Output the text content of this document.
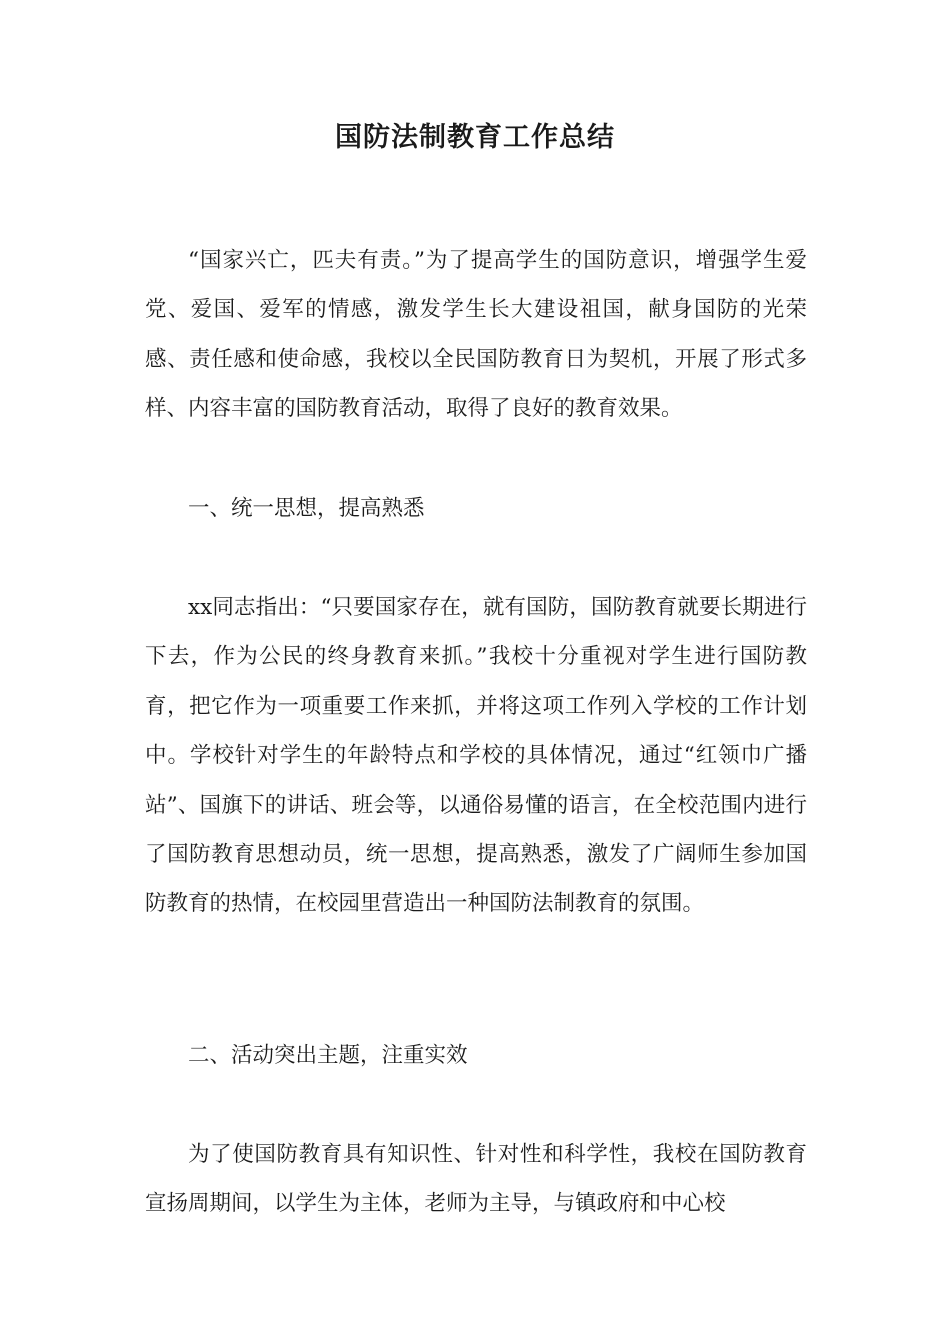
国防法制教育工作总结

“国家兴亡，匹夫有责。”为了提高学生的国防意识，增强学生爱党、爱国、爱军的情感，激发学生长大建设祖国，献身国防的光荣感、责任感和使命感，我校以全民国防教育日为契机，开展了形式多样、内容丰富的国防教育活动，取得了良好的教育效果。

一、统一思想，提高熟悉

xx同志指出：“只要国家存在，就有国防，国防教育就要长期进行下去，作为公民的终身教育来抓。”我校十分重视对学生进行国防教育，把它作为一项重要工作来抓，并将这项工作列入学校的工作计划中。学校针对学生的年龄特点和学校的具体情况，通过“红领巾广播站”、国旗下的讲话、班会等，以通俗易懂的语言，在全校范围内进行了国防教育思想动员，统一思想，提高熟悉，激发了广阔师生参加国防教育的热情，在校园里营造出一种国防法制教育的氛围。

二、活动突出主题，注重实效

为了使国防教育具有知识性、针对性和科学性，我校在国防教育宣扬周期间，以学生为主体，老师为主导，与镇政府和中心校
